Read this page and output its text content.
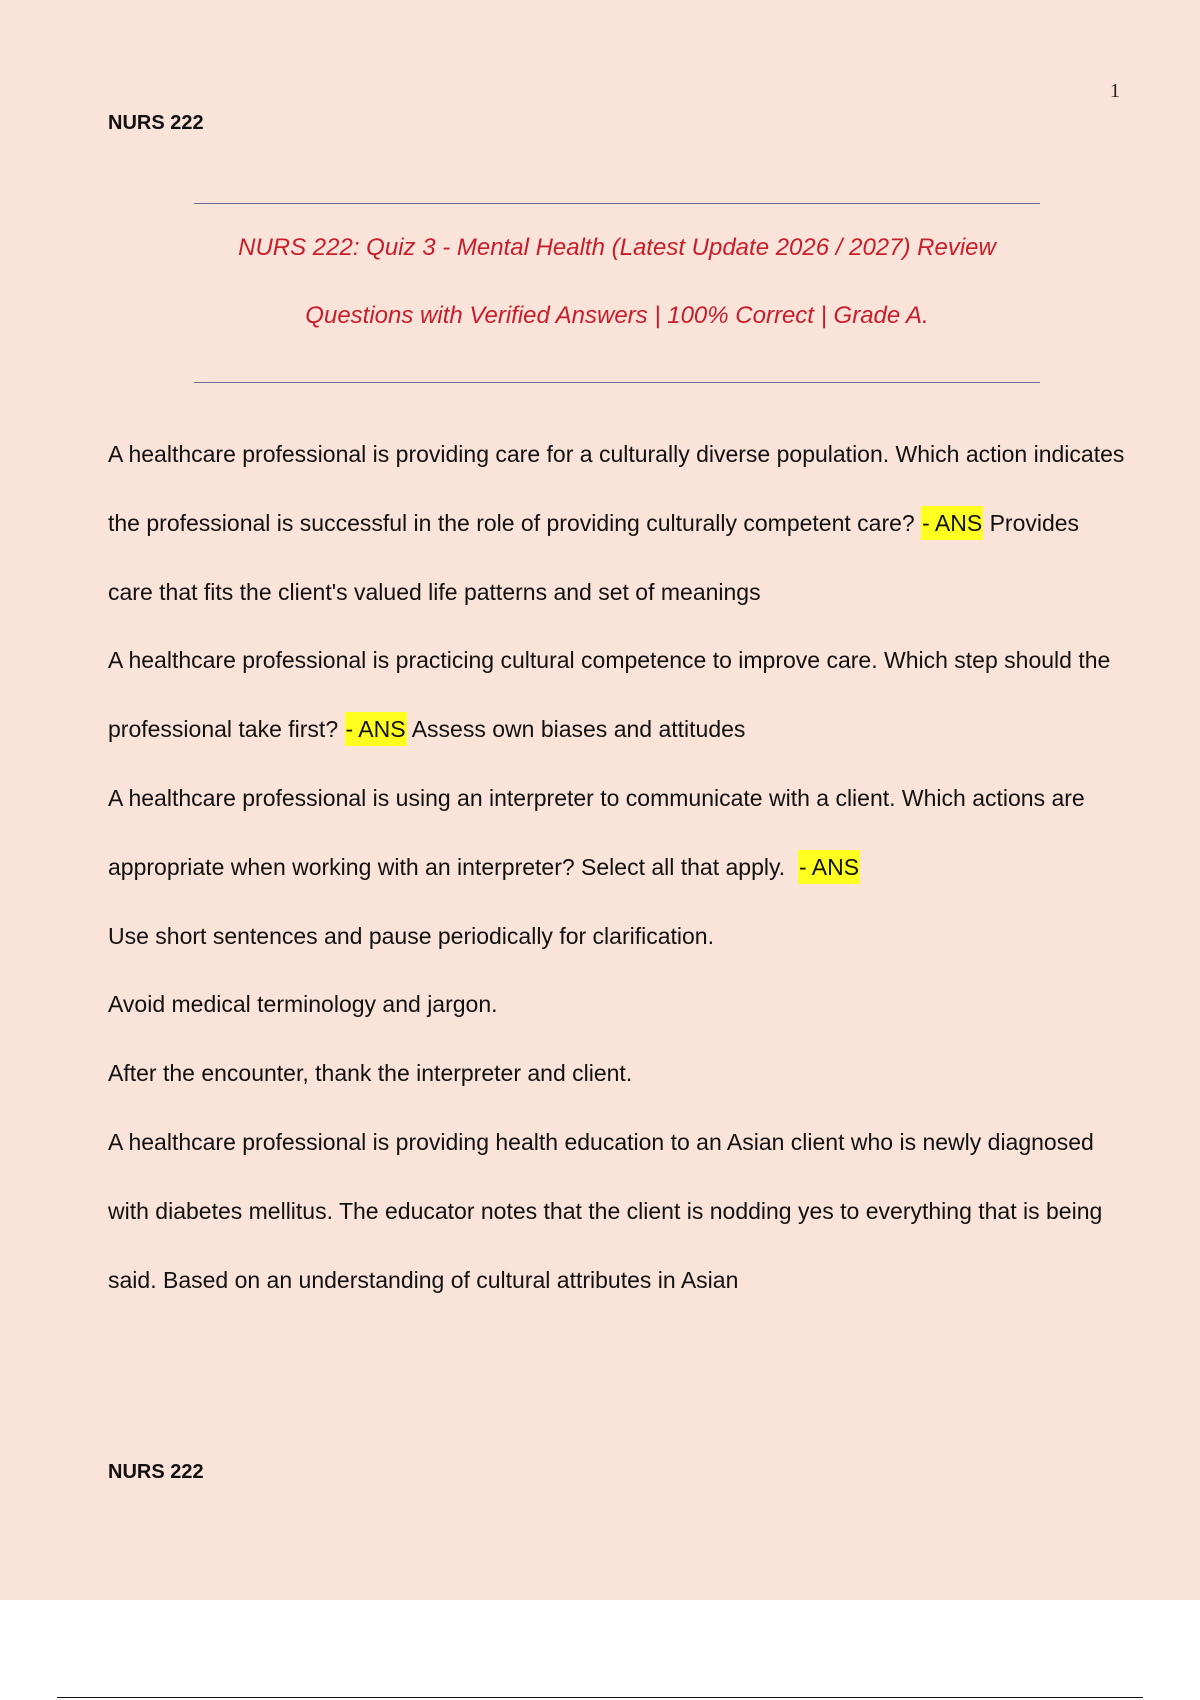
1
NURS 222
NURS 222: Quiz 3 - Mental Health (Latest Update 2026 / 2027) Review
Questions with Verified Answers | 100% Correct | Grade A.

A healthcare professional is providing care for a culturally diverse population. Which action indicates the professional is successful in the role of providing culturally competent care? - ANS Provides care that fits the client's valued life patterns and set of meanings

A healthcare professional is practicing cultural competence to improve care. Which step should the professional take first? - ANS Assess own biases and attitudes

A healthcare professional is using an interpreter to communicate with a client. Which actions are appropriate when working with an interpreter? Select all that apply. - ANS

Use short sentences and pause periodically for clarification.

Avoid medical terminology and jargon.

After the encounter, thank the interpreter and client.

A healthcare professional is providing health education to an Asian client who is newly diagnosed with diabetes mellitus. The educator notes that the client is nodding yes to everything that is being said. Based on an understanding of cultural attributes in Asian

NURS 222
